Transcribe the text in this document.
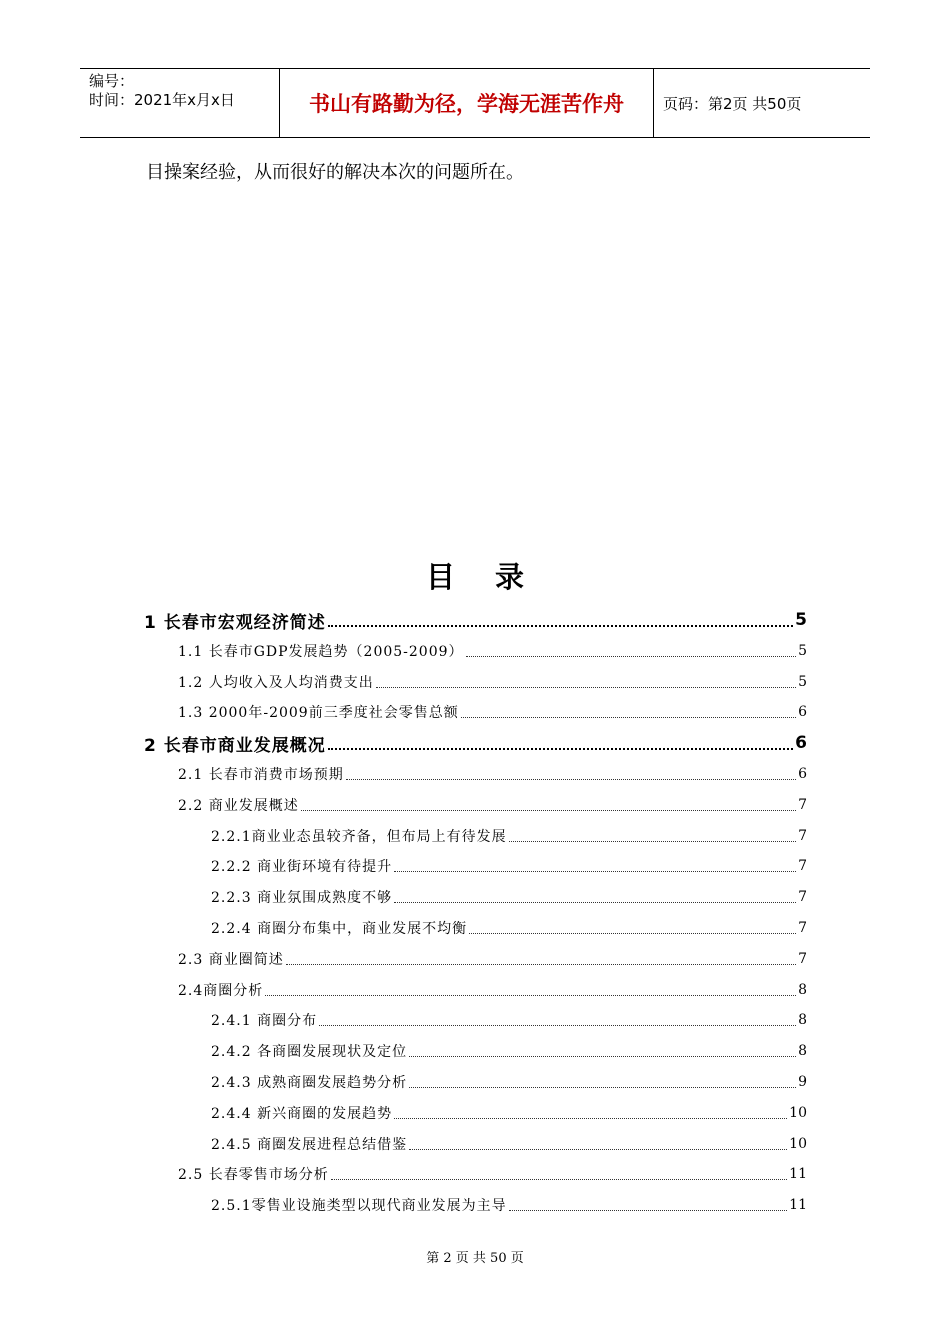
编号：
时间：2021年x月x日	书山有路勤为径，学海无涯苦作舟	页码：第2页 共50页
目操案经验，从而很好的解决本次的问题所在。
目 录
1 长春市宏观经济简述	5
1.1 长春市GDP发展趋势（2005-2009）	5
1.2 人均收入及人均消费支出	5
1.3 2000年-2009前三季度社会零售总额	6
2 长春市商业发展概况	6
2.1 长春市消费市场预期	6
2.2 商业发展概述	7
2.2.1商业业态虽较齐备，但布局上有待发展	7
2.2.2 商业街环境有待提升	7
2.2.3 商业氛围成熟度不够	7
2.2.4 商圈分布集中，商业发展不均衡	7
2.3 商业圈简述	7
2.4商圈分析	8
2.4.1 商圈分布	8
2.4.2 各商圈发展现状及定位	8
2.4.3 成熟商圈发展趋势分析	9
2.4.4 新兴商圈的发展趋势	10
2.4.5 商圈发展进程总结借鉴	10
2.5 长春零售市场分析	11
2.5.1零售业设施类型以现代商业发展为主导	11
第 2 页 共 50 页
